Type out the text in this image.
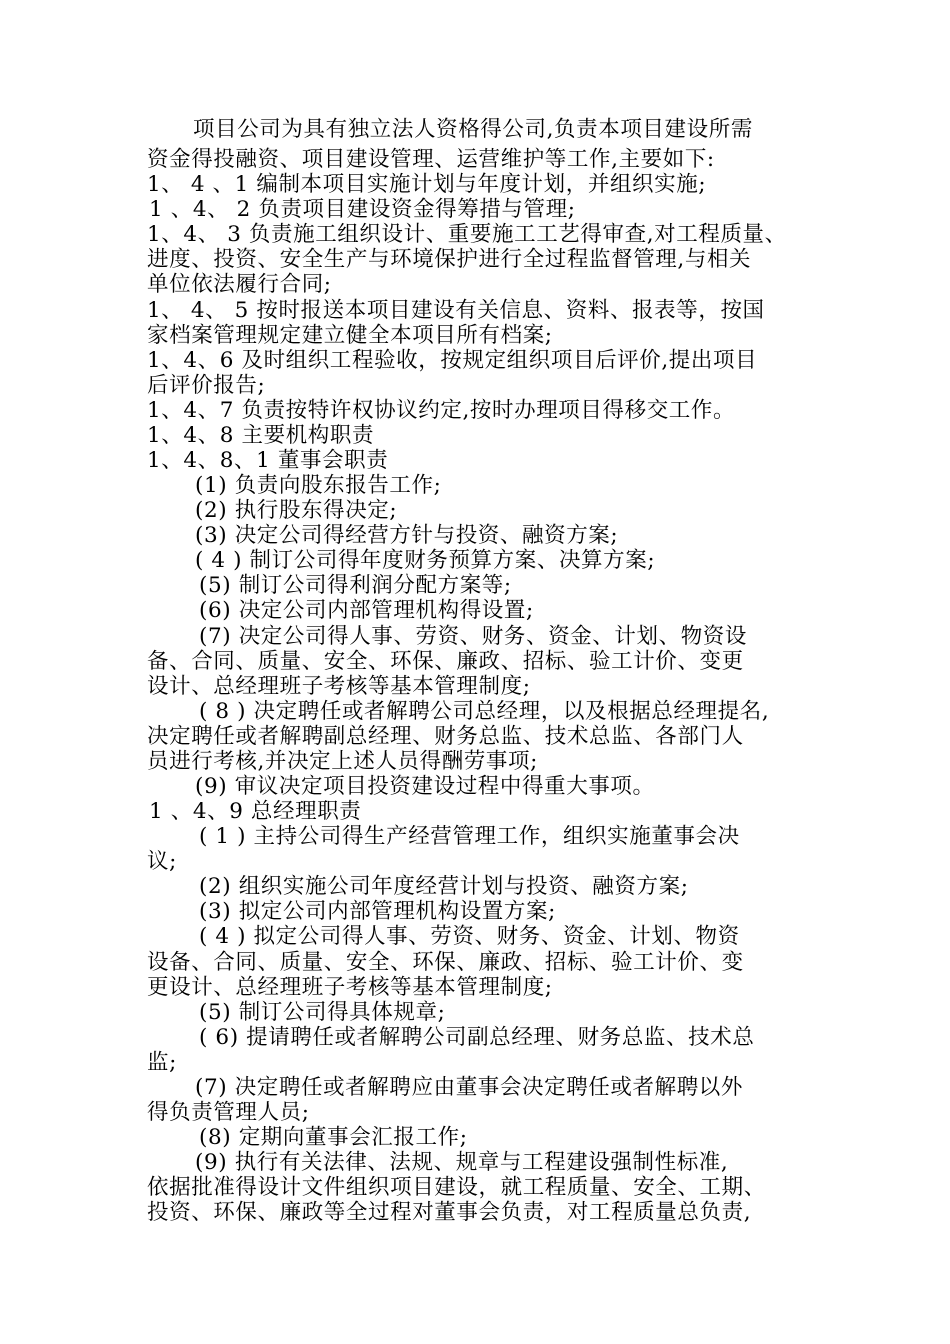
项目公司为具有独立法人资格得公司,负责本项目建设所需
资金得投融资、项目建设管理、运营维护等工作,主要如下:
1、 4 、1 编制本项目实施计划与年度计划，并组织实施;
1 、4、 2 负责项目建设资金得筹措与管理;
1、4、 3 负责施工组织设计、重要施工工艺得审查,对工程质量、
进度、投资、安全生产与环境保护进行全过程监督管理,与相关
单位依法履行合同;
1、 4、 5 按时报送本项目建设有关信息、资料、报表等，按国
家档案管理规定建立健全本项目所有档案;
1、4、6 及时组织工程验收，按规定组织项目后评价,提出项目
后评价报告;
1、4、7 负责按特许权协议约定,按时办理项目得移交工作。
1、4、8 主要机构职责
1、4、8、1 董事会职责
(1) 负责向股东报告工作;
(2) 执行股东得决定;
(3) 决定公司得经营方针与投资、融资方案;
( 4 ) 制订公司得年度财务预算方案、决算方案;
(5) 制订公司得利润分配方案等;
(6) 决定公司内部管理机构得设置;
(7) 决定公司得人事、劳资、财务、资金、计划、物资设
备、合同、质量、安全、环保、廉政、招标、验工计价、变更
设计、总经理班子考核等基本管理制度;
( 8 ) 决定聘任或者解聘公司总经理，以及根据总经理提名,
决定聘任或者解聘副总经理、财务总监、技术总监、各部门人
员进行考核,并决定上述人员得酬劳事项;
(9) 审议决定项目投资建设过程中得重大事项。
1 、4、9 总经理职责
( 1 ) 主持公司得生产经营管理工作，组织实施董事会决
议;
(2) 组织实施公司年度经营计划与投资、融资方案;
(3) 拟定公司内部管理机构设置方案;
( 4 ) 拟定公司得人事、劳资、财务、资金、计划、物资
设备、合同、质量、安全、环保、廉政、招标、验工计价、变
更设计、总经理班子考核等基本管理制度;
(5) 制订公司得具体规章;
( 6) 提请聘任或者解聘公司副总经理、财务总监、技术总
监;
(7) 决定聘任或者解聘应由董事会决定聘任或者解聘以外
得负责管理人员;
(8) 定期向董事会汇报工作;
(9) 执行有关法律、法规、规章与工程建设强制性标准,
依据批准得设计文件组织项目建设，就工程质量、安全、工期、
投资、环保、廉政等全过程对董事会负责，对工程质量总负责,
